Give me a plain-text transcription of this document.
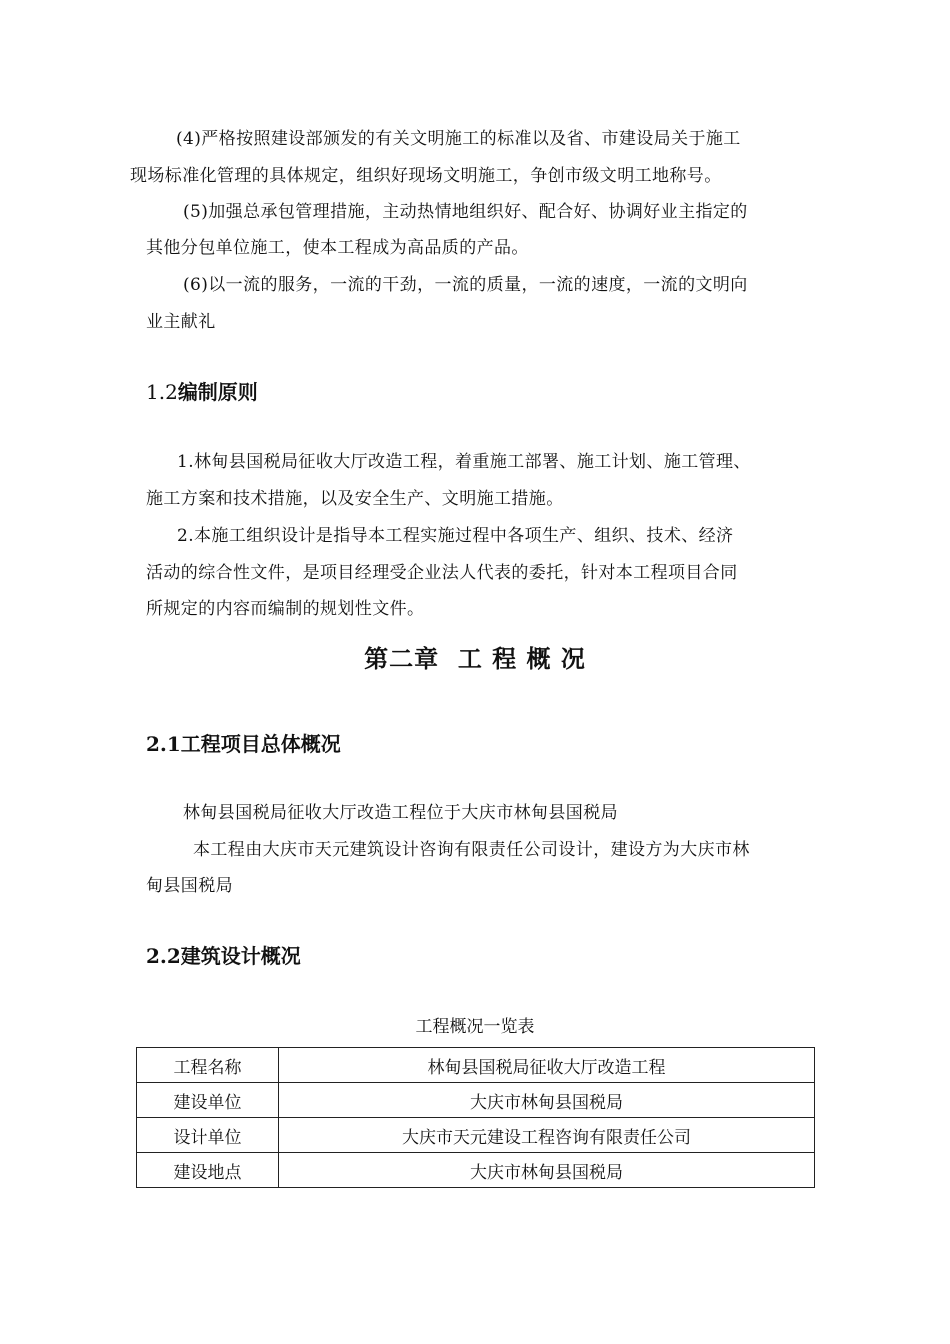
(4)严格按照建设部颁发的有关文明施工的标准以及省、市建设局关于施工
现场标准化管理的具体规定，组织好现场文明施工，争创市级文明工地称号。
(5)加强总承包管理措施，主动热情地组织好、配合好、协调好业主指定的
其他分包单位施工，使本工程成为高品质的产品。
(6)以一流的服务，一流的干劲，一流的质量，一流的速度，一流的文明向
业主献礼
1.2编制原则
1.林甸县国税局征收大厅改造工程，着重施工部署、施工计划、施工管理、
施工方案和技术措施，以及安全生产、文明施工措施。
2.本施工组织设计是指导本工程实施过程中各项生产、组织、技术、经济
活动的综合性文件，是项目经理受企业法人代表的委托，针对本工程项目合同
所规定的内容而编制的规划性文件。
第二章  工 程 概 况
2.1工程项目总体概况
林甸县国税局征收大厅改造工程位于大庆市林甸县国税局
本工程由大庆市天元建筑设计咨询有限责任公司设计，建设方为大庆市林
甸县国税局
2.2建筑设计概况
工程概况一览表
工程名称	林甸县国税局征收大厅改造工程
建设单位	大庆市林甸县国税局
设计单位	大庆市天元建设工程咨询有限责任公司
建设地点	大庆市林甸县国税局
